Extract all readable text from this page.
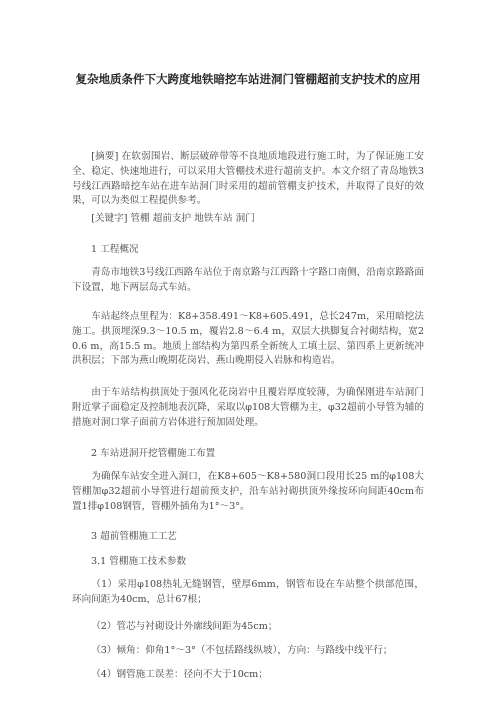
复杂地质条件下大跨度地铁暗挖车站进洞门管棚超前支护技术的应用
[摘要] 在软弱围岩、断层破碎带等不良地质地段进行施工时，为了保证施工安全、稳定、快速地进行，可以采用大管棚技术进行超前支护。本文介绍了青岛地铁3号线江西路暗挖车站在进车站洞门时采用的超前管棚支护技术，并取得了良好的效果，可以为类似工程提供参考。
[关键字] 管棚 超前支护 地铁车站 洞门
1 工程概况
青岛市地铁3号线江西路车站位于南京路与江西路十字路口南侧，沿南京路路面下设置，地下两层岛式车站。
车站起终点里程为：K8+358.491～K8+605.491，总长247m，采用暗挖法施工。拱顶埋深9.3～10.5 m，覆岩2.8～6.4 m，双层大拱脚复合衬砌结构，宽20.6 m，高15.5 m。地质上部结构为第四系全新统人工填土层、第四系上更新统冲洪积层；下部为燕山晚期花岗岩、燕山晚期侵入岩脉和构造岩。
由于车站结构拱顶处于强风化花岗岩中且覆岩厚度较薄，为确保刚进车站洞门附近掌子面稳定及控制地表沉降，采取以φ108大管棚为主，φ32超前小导管为辅的措施对洞口掌子面前方岩体进行预加固处理。
2 车站进洞开挖管棚施工布置
为确保车站安全进入洞口，在K8+605～K8+580洞口段用长25 m的φ108大管棚加φ32超前小导管进行超前预支护，沿车站衬砌拱顶外缘按环向间距40cm布置1排φ108钢管，管棚外插角为1°～3°。
3 超前管棚施工工艺
3.1 管棚施工技术参数
（1）采用φ108热轧无缝钢管，壁厚6mm，钢管布设在车站整个拱部范围，环向间距为40cm，总计67根；
（2）管芯与衬砌设计外廓线间距为45cm；
（3）倾角：仰角1°～3°（不包括路线纵坡），方向：与路线中线平行；
（4）钢管施工误差：径向不大于10cm；
